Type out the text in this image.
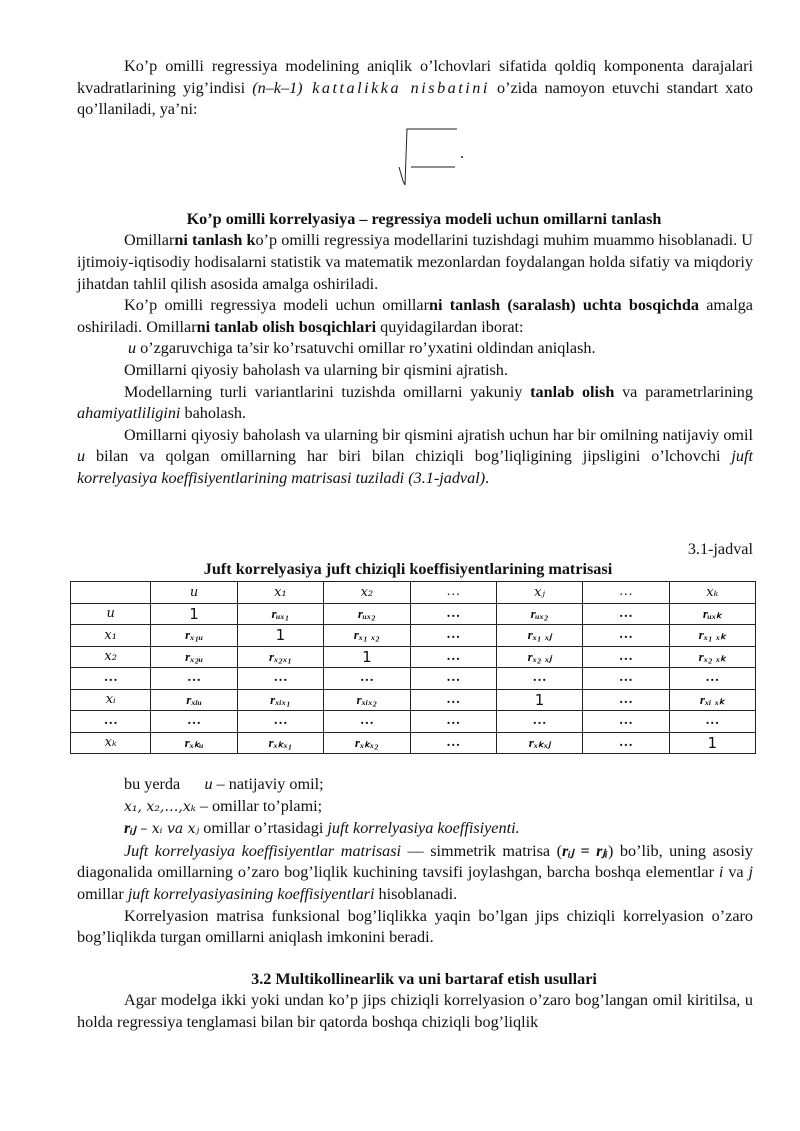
Ko’p omilli regressiya modelining aniqlik o’lchovlari sifatida qoldiq komponenta darajalari kvadratlarining yig’indisi (n–k–1) kattalikka nisbatini o’zida namoyon etuvchi standart xato qo’llaniladi, ya’ni:

.

Ko’p omilli korrelyasiya – regressiya modeli uchun omillarni tanlash

Omillarni tanlash ko’p omilli regressiya modellarini tuzishdagi muhim muammo hisoblanadi. U ijtimoiy-iqtisodiy hodisalarni statistik va matematik mezonlardan foydalangan holda sifatiy va miqdoriy jihatdan tahlil qilish asosida amalga oshiriladi.

Ko’p omilli regressiya modeli uchun omillarni tanlash (saralash) uchta bosqichda amalga oshiriladi. Omillarni tanlab olish bosqichlari quyidagilardan iborat:

u o’zgaruvchiga ta’sir ko’rsatuvchi omillar ro’yxatini oldindan aniqlash.

Omillarni qiyosiy baholash va ularning bir qismini ajratish.

Modellarning turli variantlarini tuzishda omillarni yakuniy tanlab olish va parametrlarining ahamiyatliligini baholash.

Omillarni qiyosiy baholash va ularning bir qismini ajratish uchun har bir omilning natijaviy omil u bilan va qolgan omillarning har biri bilan chiziqli bog’liqligining jipsligini o’lchovchi juft korrelyasiya koeffisiyentlarining matrisasi tuziladi (3.1-jadval).

3.1-jadval

Juft korrelyasiya juft chiziqli koeffisiyentlarining matrisasi

	u	x₁	x₂	…	xⱼ	…	xₖ
u	1	rᵤₓ₁	rᵤₓ₂	…	rᵤₓ₂	…	rᵤₓₖ
x₁	rₓ₁ᵤ	1	rₓ₁ ₓ₂	…	rₓ₁ ₓⱼ	…	rₓ₁ ₓₖ
x₂	rₓ₂ᵤ	rₓ₂ₓ₁	1	…	rₓ₂ ₓⱼ	…	rₓ₂ ₓₖ
…	…	…	…	…	…	…	…
xᵢ	rₓᵢᵤ	rₓᵢₓ₁	rₓᵢₓ₂	…	1	…	rₓᵢ ₓₖ
…	…	…	…	…	…	…	…
xₖ	rₓₖᵤ	rₓₖₓ₁	rₓₖₓ₂	…	rₓₖₓⱼ	…	1

bu yerda      u – natijaviy omil;

x₁, x₂,…,xₖ – omillar to’plami;

rᵢⱼ – xᵢ va xⱼ omillar o’rtasidagi juft korrelyasiya koeffisiyenti.

Juft korrelyasiya koeffisiyentlar matrisasi — simmetrik matrisa (rᵢⱼ = rⱼᵢ) bo’lib, uning asosiy diagonalida omillarning o’zaro bog’liqlik kuchining tavsifi joylashgan, barcha boshqa elementlar i va j omillar juft korrelyasiyasining koeffisiyentlari hisoblanadi.

Korrelyasion matrisa funksional bog’liqlikka yaqin bo’lgan jips chiziqli korrelyasion o’zaro bog’liqlikda turgan omillarni aniqlash imkonini beradi.

3.2 Multikollinearlik va uni bartaraf etish usullari

Agar modelga ikki yoki undan ko’p jips chiziqli korrelyasion o’zaro bog’langan omil kiritilsa, u holda regressiya tenglamasi bilan bir qatorda boshqa chiziqli bog’liqlik
